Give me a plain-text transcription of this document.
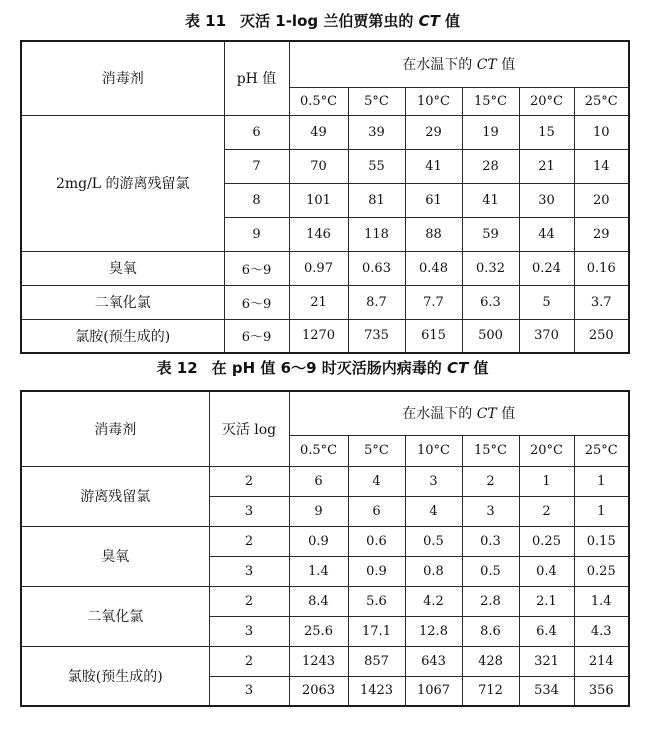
表 11 灭活 1-log 兰伯贾第虫的 CT 值
消毒剂	pH 值	在水温下的 CT 值					
		0.5°C	5°C	10°C	15°C	20°C	25°C
2mg/L 的游离残留氯	6	49	39	29	19	15	10
	7	70	55	41	28	21	14
	8	101	81	61	41	30	20
	9	146	118	88	59	44	29
臭氧	6～9	0.97	0.63	0.48	0.32	0.24	0.16
二氧化氯	6～9	21	8.7	7.7	6.3	5	3.7
氯胺(预生成的)	6～9	1270	735	615	500	370	250
表 12 在 pH 值 6～9 时灭活肠内病毒的 CT 值
消毒剂	灭活 log	在水温下的 CT 值					
		0.5°C	5°C	10°C	15°C	20°C	25°C
游离残留氯	2	6	4	3	2	1	1
	3	9	6	4	3	2	1
臭氧	2	0.9	0.6	0.5	0.3	0.25	0.15
	3	1.4	0.9	0.8	0.5	0.4	0.25
二氧化氯	2	8.4	5.6	4.2	2.8	2.1	1.4
	3	25.6	17.1	12.8	8.6	6.4	4.3
氯胺(预生成的)	2	1243	857	643	428	321	214
	3	2063	1423	1067	712	534	356
